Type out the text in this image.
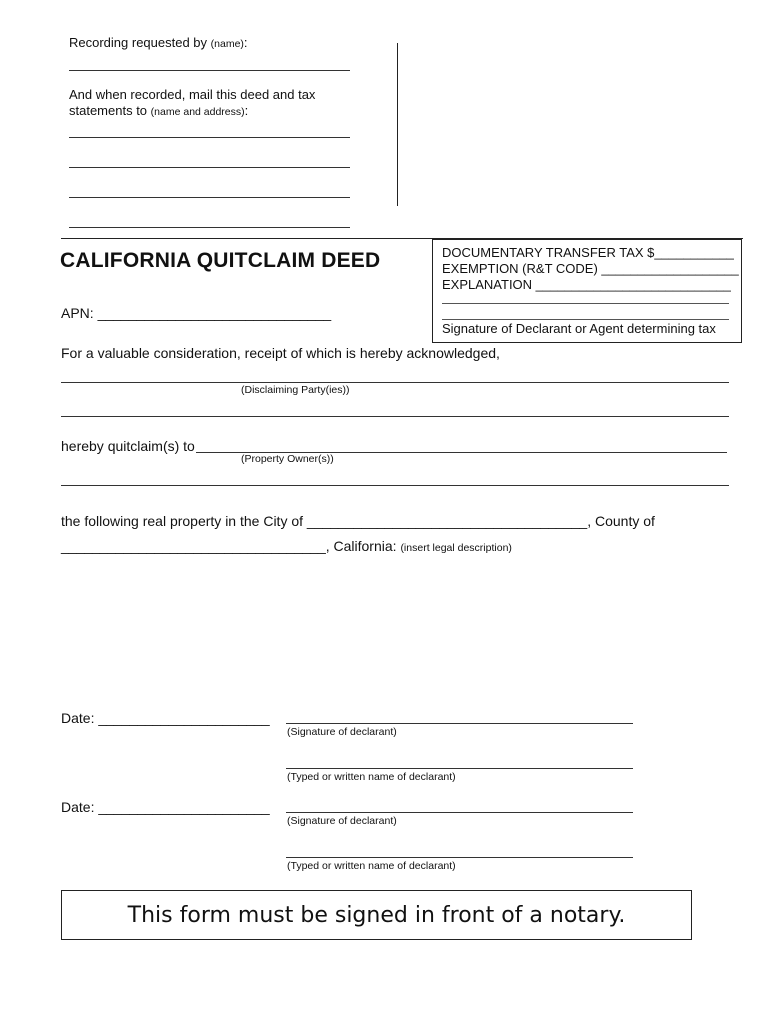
Recording requested by (name):
And when recorded, mail this deed and tax
statements to (name and address):
CALIFORNIA QUITCLAIM DEED	DOCUMENTARY TRANSFER TAX $___________
EXEMPTION (R&T CODE) ___________________
EXPLANATION ___________________________
Signature of Declarant or Agent determining tax
APN: ______________________________
For a valuable consideration, receipt of which is hereby acknowledged,
(Disclaiming Party(ies))
hereby quitclaim(s) to
(Property Owner(s))
the following real property in the City of ____________________________________, County of
__________________________________, California: (insert legal description)
Date: ______________________
(Signature of declarant)
(Typed or written name of declarant)
Date: ______________________
(Signature of declarant)
(Typed or written name of declarant)
This form must be signed in front of a notary.
